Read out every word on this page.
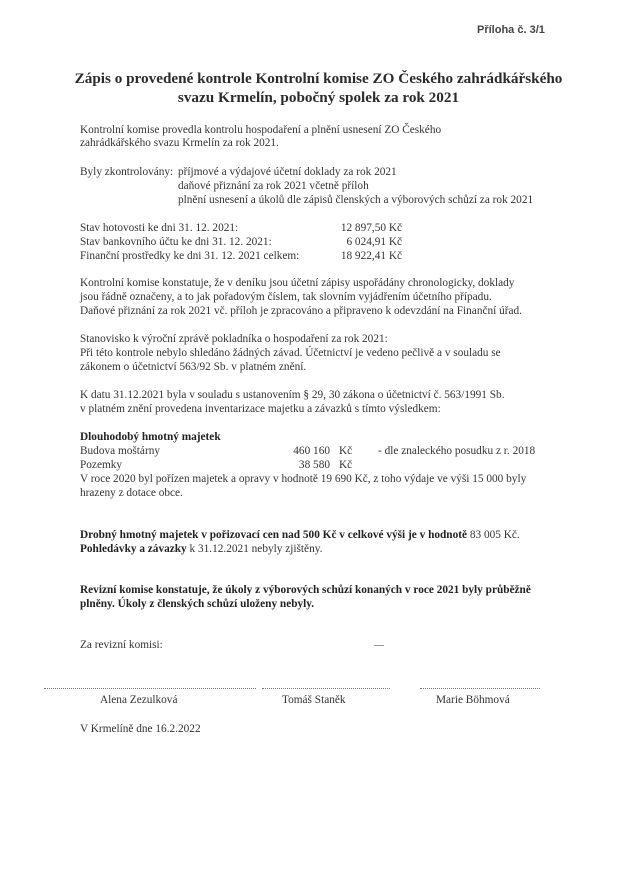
Příloha č. 3/1
Zápis o provedené kontrole Kontrolní komise ZO Českého zahrádkářského
svazu Krmelín, pobočný spolek za rok 2021
Kontrolní komise provedla kontrolu hospodaření a plnění usnesení ZO Českého
zahrádkářského svazu Krmelín za rok 2021.
Byly zkontrolovány: příjmové a výdajové účetní doklady za rok 2021
daňové přiznání za rok 2021 včetně příloh
plnění usnesení a úkolů dle zápisů členských a výborových schůzí za rok 2021
Stav hotovosti ke dni 31. 12. 2021:	12 897,50 Kč
Stav bankovního účtu ke dni 31. 12. 2021:	6 024,91 Kč
Finanční prostředky ke dni 31. 12. 2021 celkem:	18 922,41 Kč
Kontrolní komise konstatuje, že v deníku jsou účetní zápisy uspořádány chronologicky, doklady
jsou řádně označeny, a to jak pořadovým číslem, tak slovním vyjádřením účetního případu.
Daňové přiznání za rok 2021 vč. příloh je zpracováno a připraveno k odevzdání na Finanční úřad.
Stanovisko k výroční zprávě pokladníka o hospodaření za rok 2021:
Při této kontrole nebylo shledáno žádných závad. Účetnictví je vedeno pečlivě a v souladu se
zákonem o účetnictví 563/92 Sb. v platném znění.
K datu 31.12.2021 byla v souladu s ustanovením § 29, 30 zákona o účetnictví č. 563/1991 Sb.
v platném znění provedena inventarizace majetku a závazků s tímto výsledkem:
Dlouhodobý hmotný majetek
Budova moštárny	460 160 Kč - dle znaleckého posudku z r. 2018
Pozemky	38 580 Kč
V roce 2020 byl pořízen majetek a opravy v hodnotě 19 690 Kč, z toho výdaje ve výši 15 000 byly
hrazeny z dotace obce.
Drobný hmotný majetek v pořizovací cen nad 500 Kč v celkové výši je v hodnotě 83 005 Kč.
Pohledávky a závazky k 31.12.2021 nebyly zjištěny.
Revizní komise konstatuje, že úkoly z výborových schůzí konaných v roce 2021 byly průběžně
plněny. Úkoly z členských schůzí uloženy nebyly.
Za revizní komisi:
Alena Zezulková	Tomáš Staněk	Marie Böhmová
V Krmelíně dne 16.2.2022
